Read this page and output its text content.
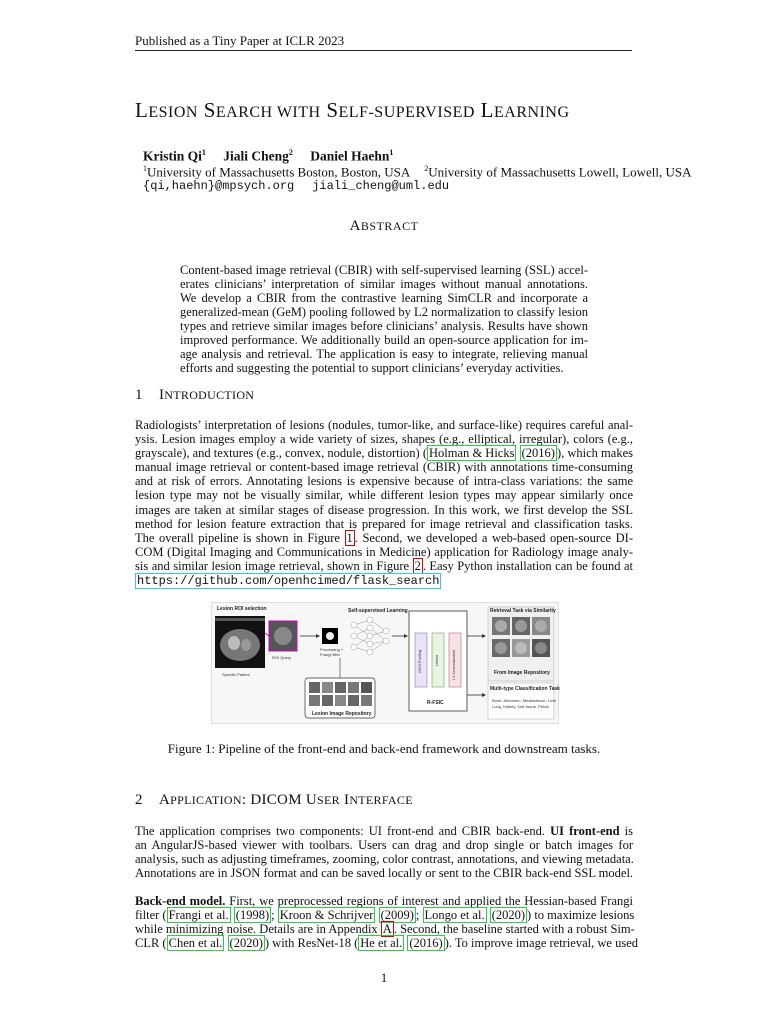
Published as a Tiny Paper at ICLR 2023
LESION SEARCH WITH SELF-SUPERVISED LEARNING
Kristin Qi$^1$ Jiali Cheng$^2$ Daniel Haehn$^1$
$^1$University of Massachusetts Boston, Boston, USA $^2$University of Massachusetts Lowell, Lowell, USA
{qi,haehn}@mpsych.org jiali_cheng@uml.edu
ABSTRACT
Content-based image retrieval (CBIR) with self-supervised learning (SSL) accel-
erates clinicians’ interpretation of similar images without manual annotations.
We develop a CBIR from the contrastive learning SimCLR and incorporate a
generalized-mean (GeM) pooling followed by L2 normalization to classify lesion
types and retrieve similar images before clinicians’ analysis. Results have shown
improved performance. We additionally build an open-source application for im-
age analysis and retrieval. The application is easy to integrate, relieving manual
efforts and suggesting the potential to support clinicians’ everyday activities.
1 INTRODUCTION
Radiologists’ interpretation of lesions (nodules, tumor-like, and surface-like) requires careful anal-
ysis. Lesion images employ a wide variety of sizes, shapes (e.g., elliptical, irregular), colors (e.g.,
grayscale), and textures (e.g., convex, nodule, distortion) ( Holman & Hicks (2016) ), which makes
manual image retrieval or content-based image retrieval (CBIR) with annotations time-consuming
and at risk of errors. Annotating lesions is expensive because of intra-class variations: the same
lesion type may not be visually similar, while different lesion types may appear similarly once
images are taken at similar stages of disease progression. In this work, we first develop the SSL
method for lesion feature extraction that is prepared for image retrieval and classification tasks.
The overall pipeline is shown in Figure 1 . Second, we developed a web-based open-source DI-
COM (Digital Imaging and Communications in Medicine) application for Radiology image analy-
sis and similar lesion image retrieval, shown in Figure 2 . Easy Python installation can be found at
https://github.com/openhcimed/flask_search
Lesion ROI selection
ROI Query
Specific Patient
Self-supervised Learning
Processing +
Frangi filter
Lesion Image Repository
GeM Pooling	Linear	L2-Normalization
R-FSIC
Retrieval Task via Similarity
From Image Repository
Multi-type Classification Task
Bone, Abdomen, Mediastinum, Liver
Lung, Kidney, Soft tissue, Pelvis
Figure 1: Pipeline of the front-end and back-end framework and downstream tasks.
2 APPLICATION: DICOM USER INTERFACE
The application comprises two components: UI front-end and CBIR back-end. UI front-end is
an AngularJS-based viewer with toolbars. Users can drag and drop single or batch images for
analysis, such as adjusting timeframes, zooming, color contrast, annotations, and viewing metadata.
Annotations are in JSON format and can be saved locally or sent to the CBIR back-end SSL model.
Back-end model. First, we preprocessed regions of interest and applied the Hessian-based Frangi
filter ( Frangi et al. (1998) ; Kroon & Schrijver (2009) ; Longo et al. (2020) ) to maximize lesions
while minimizing noise. Details are in Appendix A . Second, the baseline started with a robust Sim-
CLR ( Chen et al. (2020) ) with ResNet-18 ( He et al. (2016) ). To improve image retrieval, we used
1
